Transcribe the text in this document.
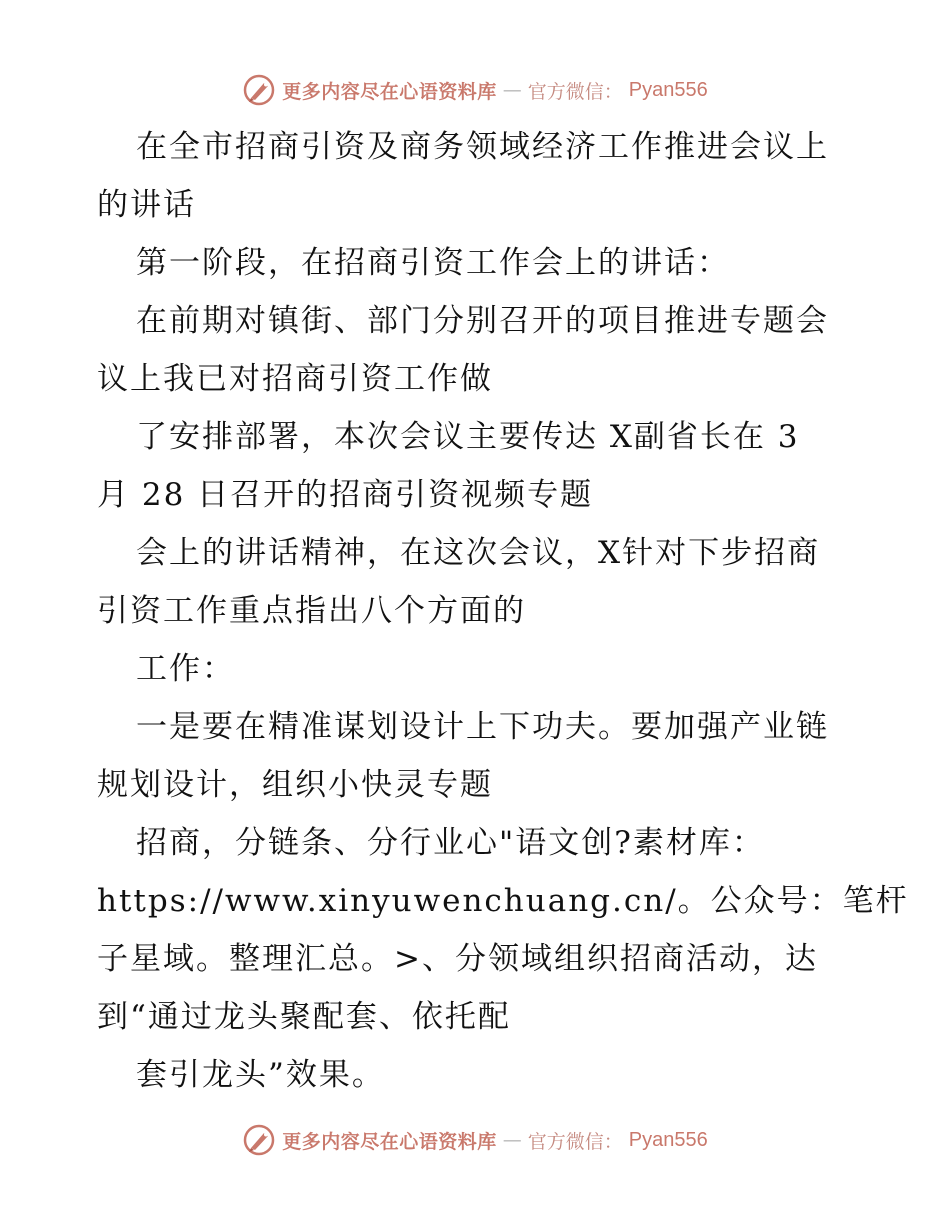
更多内容尽在心语资料库 — 官方微信： Pyan556

在全市招商引资及商务领域经济工作推进会议上

的讲话

第一阶段，在招商引资工作会上的讲话：

在前期对镇街、部门分别召开的项目推进专题会

议上我已对招商引资工作做

了安排部署，本次会议主要传达 X副省长在 3

月 28 日召开的招商引资视频专题

会上的讲话精神，在这次会议，X针对下步招商

引资工作重点指出八个方面的

工作：

一是要在精准谋划设计上下功夫。要加强产业链

规划设计，组织小快灵专题

招商，分链条、分行业心"语文创?素材库：

https://www.xinyuwenchuang.cn/。公众号：笔杆

子星域。整理汇总。>、分领域组织招商活动，达

到“通过龙头聚配套、依托配

套引龙头”效果。

更多内容尽在心语资料库 — 官方微信： Pyan556
